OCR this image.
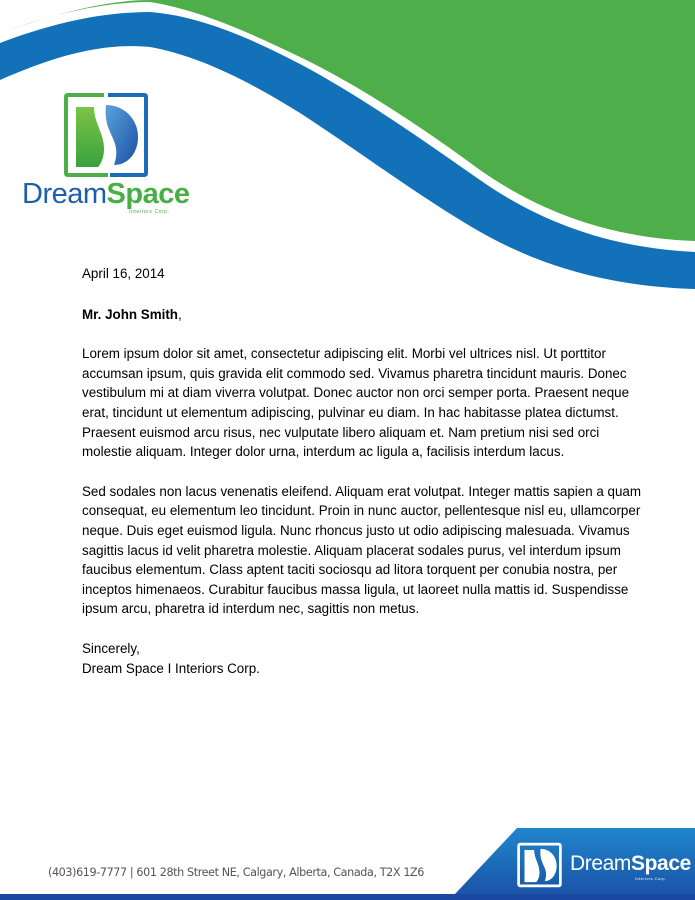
DreamSpace
Interiors Corp.

April 16, 2014

Mr. John Smith,

Lorem ipsum dolor sit amet, consectetur adipiscing elit. Morbi vel ultrices nisl. Ut porttitor accumsan ipsum, quis gravida elit commodo sed. Vivamus pharetra tincidunt mauris. Donec vestibulum mi at diam viverra volutpat. Donec auctor non orci semper porta. Praesent neque erat, tincidunt ut elementum adipiscing, pulvinar eu diam. In hac habitasse platea dictumst. Praesent euismod arcu risus, nec vulputate libero aliquam et. Nam pretium nisi sed orci molestie aliquam. Integer dolor urna, interdum ac ligula a, facilisis interdum lacus.

Sed sodales non lacus venenatis eleifend. Aliquam erat volutpat. Integer mattis sapien a quam consequat, eu elementum leo tincidunt. Proin in nunc auctor, pellentesque nisl eu, ullamcorper neque. Duis eget euismod ligula. Nunc rhoncus justo ut odio adipiscing malesuada. Vivamus sagittis lacus id velit pharetra molestie. Aliquam placerat sodales purus, vel interdum ipsum faucibus elementum. Class aptent taciti sociosqu ad litora torquent per conubia nostra, per inceptos himenaeos. Curabitur faucibus massa ligula, ut laoreet nulla mattis id. Suspendisse ipsum arcu, pharetra id interdum nec, sagittis non metus.

Sincerely,

Dream Space I Interiors Corp.

(403)619-7777 | 601 28th Street NE, Calgary, Alberta, Canada, T2X 1Z6	DreamSpace
Interiors Corp.
